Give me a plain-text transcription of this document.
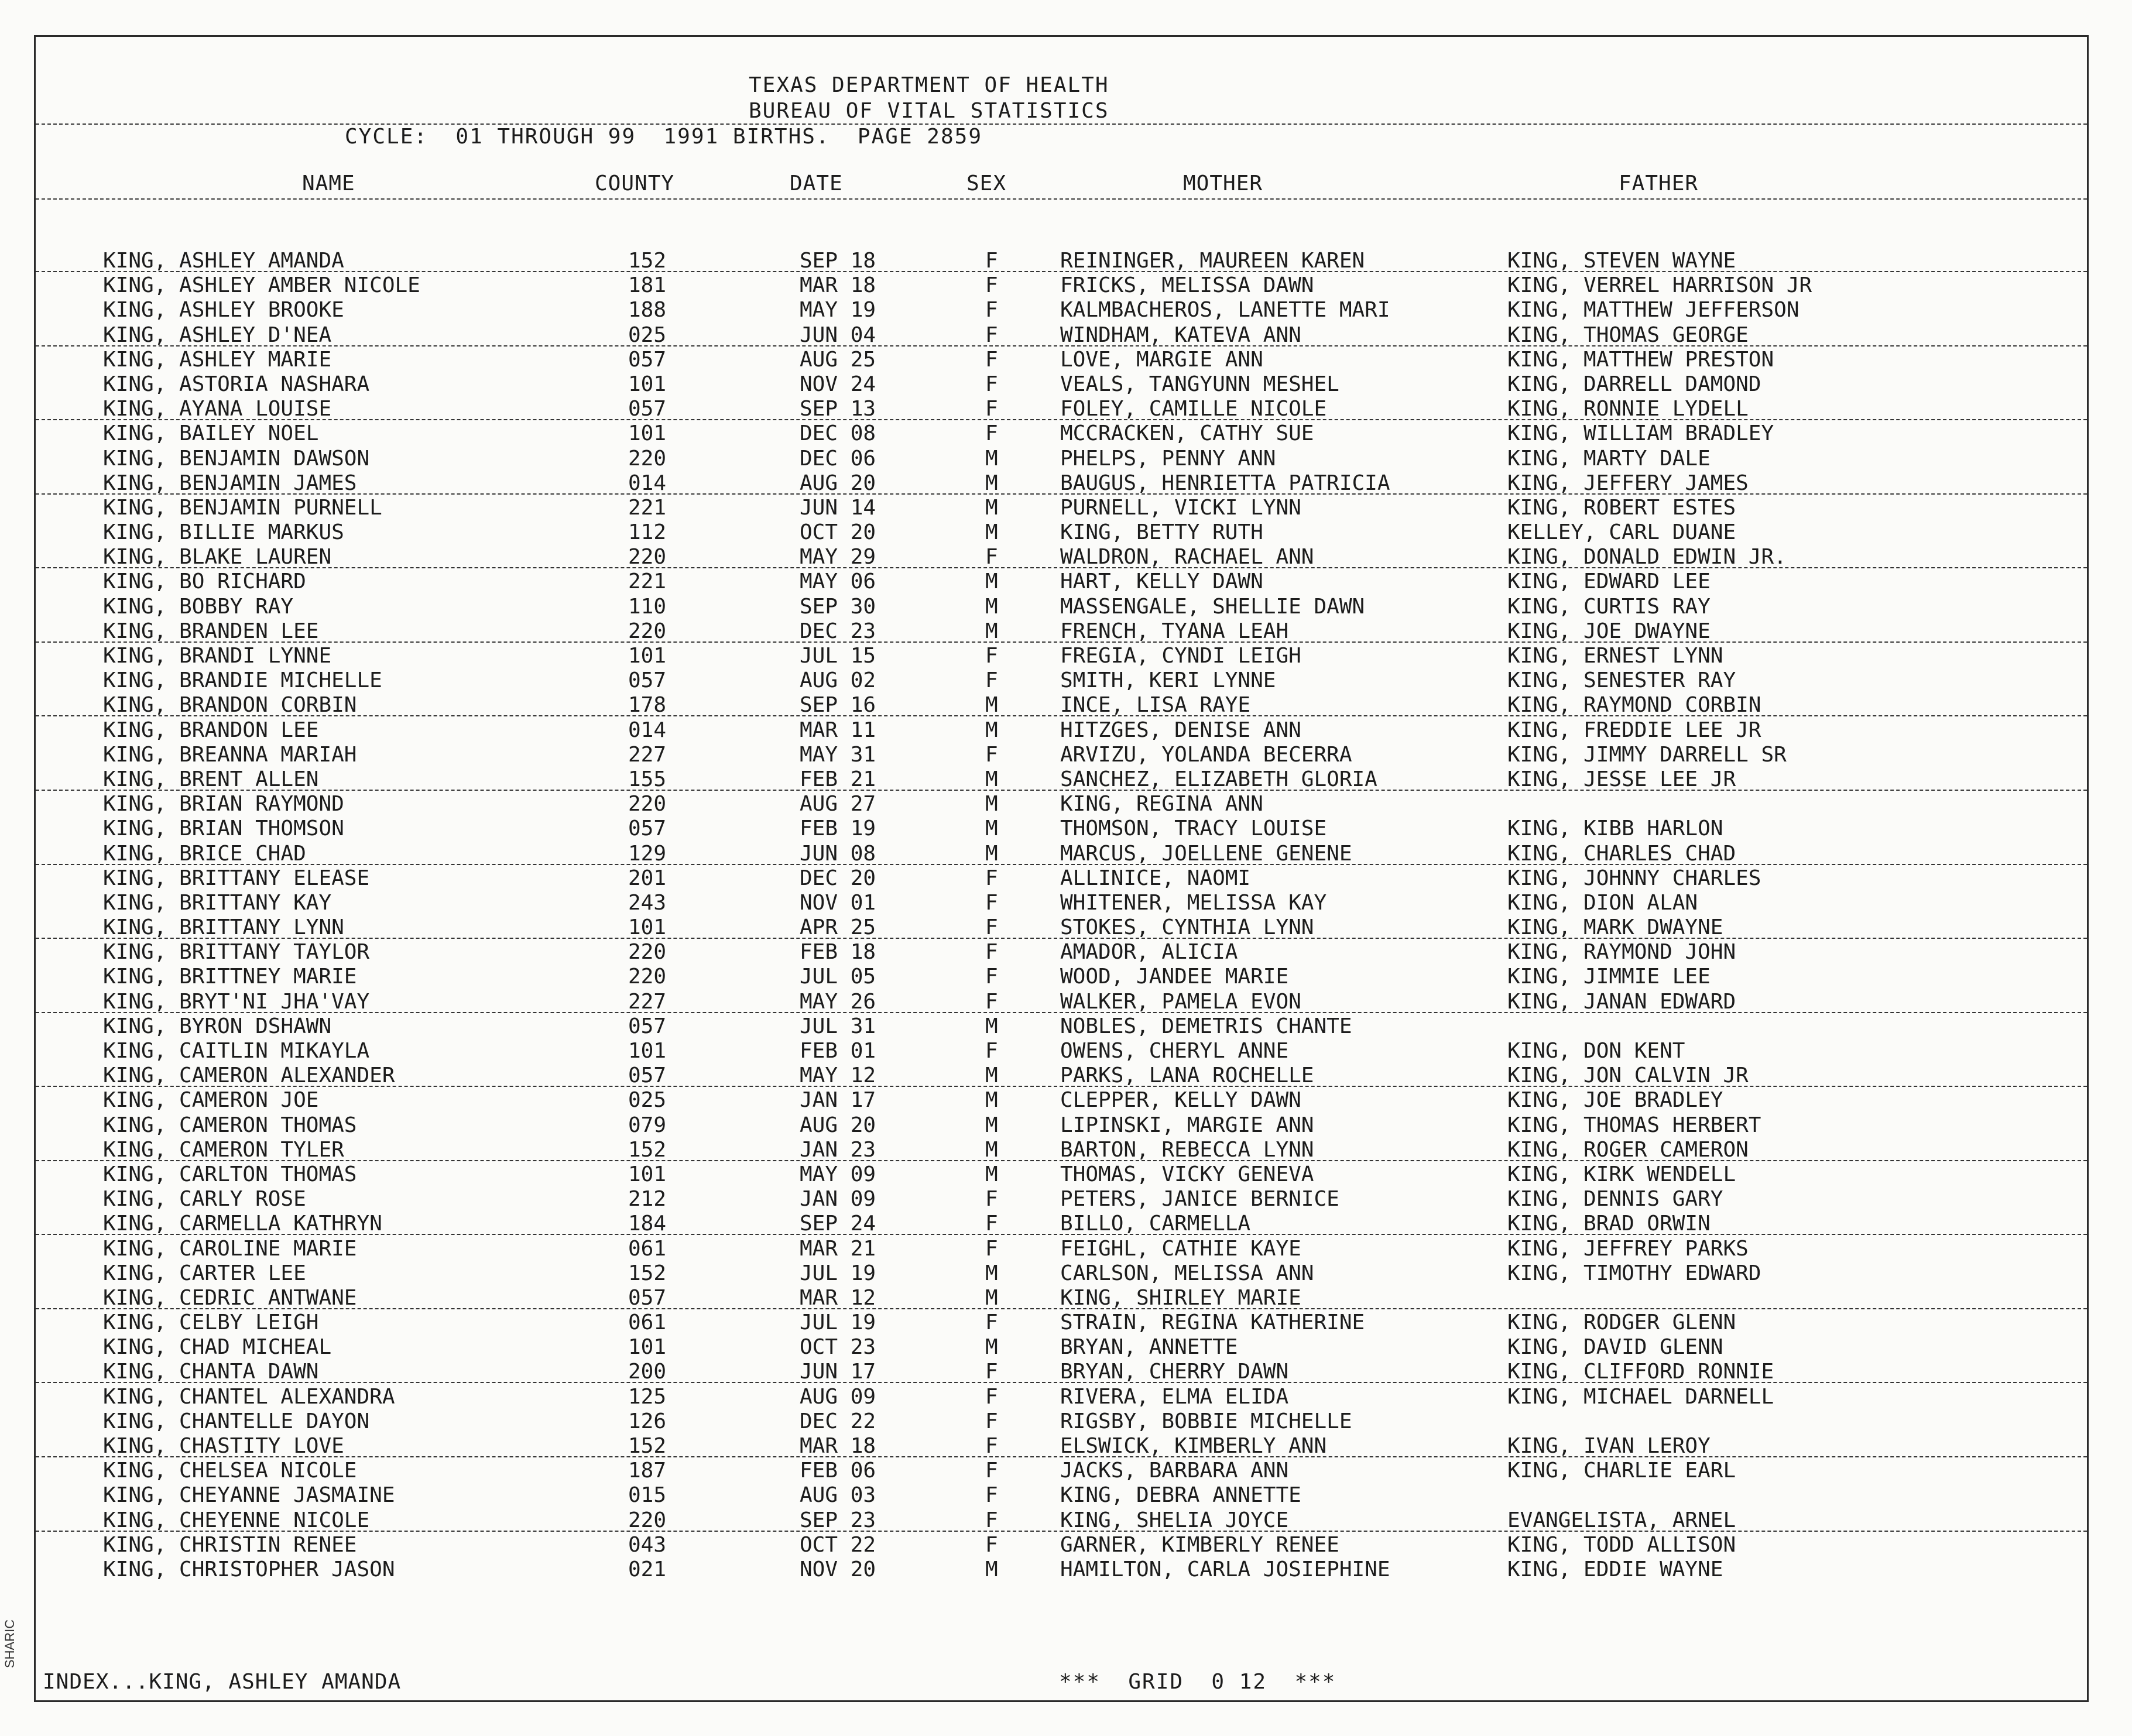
TEXAS DEPARTMENT OF HEALTH
BUREAU OF VITAL STATISTICS
CYCLE:  01 THROUGH 99  1991 BIRTHS.  PAGE 2859
NAME	COUNTY	DATE	SEX	MOTHER	FATHER
KING, ASHLEY AMANDA	152	SEP 18	F	REININGER, MAUREEN KAREN	KING, STEVEN WAYNE
KING, ASHLEY AMBER NICOLE	181	MAR 18	F	FRICKS, MELISSA DAWN	KING, VERREL HARRISON JR
KING, ASHLEY BROOKE	188	MAY 19	F	KALMBACHEROS, LANETTE MARI	KING, MATTHEW JEFFERSON
KING, ASHLEY D'NEA	025	JUN 04	F	WINDHAM, KATEVA ANN	KING, THOMAS GEORGE
KING, ASHLEY MARIE	057	AUG 25	F	LOVE, MARGIE ANN	KING, MATTHEW PRESTON
KING, ASTORIA NASHARA	101	NOV 24	F	VEALS, TANGYUNN MESHEL	KING, DARRELL DAMOND
KING, AYANA LOUISE	057	SEP 13	F	FOLEY, CAMILLE NICOLE	KING, RONNIE LYDELL
KING, BAILEY NOEL	101	DEC 08	F	MCCRACKEN, CATHY SUE	KING, WILLIAM BRADLEY
KING, BENJAMIN DAWSON	220	DEC 06	M	PHELPS, PENNY ANN	KING, MARTY DALE
KING, BENJAMIN JAMES	014	AUG 20	M	BAUGUS, HENRIETTA PATRICIA	KING, JEFFERY JAMES
KING, BENJAMIN PURNELL	221	JUN 14	M	PURNELL, VICKI LYNN	KING, ROBERT ESTES
KING, BILLIE MARKUS	112	OCT 20	M	KING, BETTY RUTH	KELLEY, CARL DUANE
KING, BLAKE LAUREN	220	MAY 29	F	WALDRON, RACHAEL ANN	KING, DONALD EDWIN JR.
KING, BO RICHARD	221	MAY 06	M	HART, KELLY DAWN	KING, EDWARD LEE
KING, BOBBY RAY	110	SEP 30	M	MASSENGALE, SHELLIE DAWN	KING, CURTIS RAY
KING, BRANDEN LEE	220	DEC 23	M	FRENCH, TYANA LEAH	KING, JOE DWAYNE
KING, BRANDI LYNNE	101	JUL 15	F	FREGIA, CYNDI LEIGH	KING, ERNEST LYNN
KING, BRANDIE MICHELLE	057	AUG 02	F	SMITH, KERI LYNNE	KING, SENESTER RAY
KING, BRANDON CORBIN	178	SEP 16	M	INCE, LISA RAYE	KING, RAYMOND CORBIN
KING, BRANDON LEE	014	MAR 11	M	HITZGES, DENISE ANN	KING, FREDDIE LEE JR
KING, BREANNA MARIAH	227	MAY 31	F	ARVIZU, YOLANDA BECERRA	KING, JIMMY DARRELL SR
KING, BRENT ALLEN	155	FEB 21	M	SANCHEZ, ELIZABETH GLORIA	KING, JESSE LEE JR
KING, BRIAN RAYMOND	220	AUG 27	M	KING, REGINA ANN
KING, BRIAN THOMSON	057	FEB 19	M	THOMSON, TRACY LOUISE	KING, KIBB HARLON
KING, BRICE CHAD	129	JUN 08	M	MARCUS, JOELLENE GENENE	KING, CHARLES CHAD
KING, BRITTANY ELEASE	201	DEC 20	F	ALLINICE, NAOMI	KING, JOHNNY CHARLES
KING, BRITTANY KAY	243	NOV 01	F	WHITENER, MELISSA KAY	KING, DION ALAN
KING, BRITTANY LYNN	101	APR 25	F	STOKES, CYNTHIA LYNN	KING, MARK DWAYNE
KING, BRITTANY TAYLOR	220	FEB 18	F	AMADOR, ALICIA	KING, RAYMOND JOHN
KING, BRITTNEY MARIE	220	JUL 05	F	WOOD, JANDEE MARIE	KING, JIMMIE LEE
KING, BRYT'NI JHA'VAY	227	MAY 26	F	WALKER, PAMELA EVON	KING, JANAN EDWARD
KING, BYRON DSHAWN	057	JUL 31	M	NOBLES, DEMETRIS CHANTE
KING, CAITLIN MIKAYLA	101	FEB 01	F	OWENS, CHERYL ANNE	KING, DON KENT
KING, CAMERON ALEXANDER	057	MAY 12	M	PARKS, LANA ROCHELLE	KING, JON CALVIN JR
KING, CAMERON JOE	025	JAN 17	M	CLEPPER, KELLY DAWN	KING, JOE BRADLEY
KING, CAMERON THOMAS	079	AUG 20	M	LIPINSKI, MARGIE ANN	KING, THOMAS HERBERT
KING, CAMERON TYLER	152	JAN 23	M	BARTON, REBECCA LYNN	KING, ROGER CAMERON
KING, CARLTON THOMAS	101	MAY 09	M	THOMAS, VICKY GENEVA	KING, KIRK WENDELL
KING, CARLY ROSE	212	JAN 09	F	PETERS, JANICE BERNICE	KING, DENNIS GARY
KING, CARMELLA KATHRYN	184	SEP 24	F	BILLO, CARMELLA	KING, BRAD ORWIN
KING, CAROLINE MARIE	061	MAR 21	F	FEIGHL, CATHIE KAYE	KING, JEFFREY PARKS
KING, CARTER LEE	152	JUL 19	M	CARLSON, MELISSA ANN	KING, TIMOTHY EDWARD
KING, CEDRIC ANTWANE	057	MAR 12	M	KING, SHIRLEY MARIE
KING, CELBY LEIGH	061	JUL 19	F	STRAIN, REGINA KATHERINE	KING, RODGER GLENN
KING, CHAD MICHEAL	101	OCT 23	M	BRYAN, ANNETTE	KING, DAVID GLENN
KING, CHANTA DAWN	200	JUN 17	F	BRYAN, CHERRY DAWN	KING, CLIFFORD RONNIE
KING, CHANTEL ALEXANDRA	125	AUG 09	F	RIVERA, ELMA ELIDA	KING, MICHAEL DARNELL
KING, CHANTELLE DAYON	126	DEC 22	F	RIGSBY, BOBBIE MICHELLE
KING, CHASTITY LOVE	152	MAR 18	F	ELSWICK, KIMBERLY ANN	KING, IVAN LEROY
KING, CHELSEA NICOLE	187	FEB 06	F	JACKS, BARBARA ANN	KING, CHARLIE EARL
KING, CHEYANNE JASMAINE	015	AUG 03	F	KING, DEBRA ANNETTE
KING, CHEYENNE NICOLE	220	SEP 23	F	KING, SHELIA JOYCE	EVANGELISTA, ARNEL
KING, CHRISTIN RENEE	043	OCT 22	F	GARNER, KIMBERLY RENEE	KING, TODD ALLISON
KING, CHRISTOPHER JASON	021	NOV 20	M	HAMILTON, CARLA JOSIEPHINE	KING, EDDIE WAYNE
INDEX...KING, ASHLEY AMANDA	***  GRID  0 12  ***
SHARIC
